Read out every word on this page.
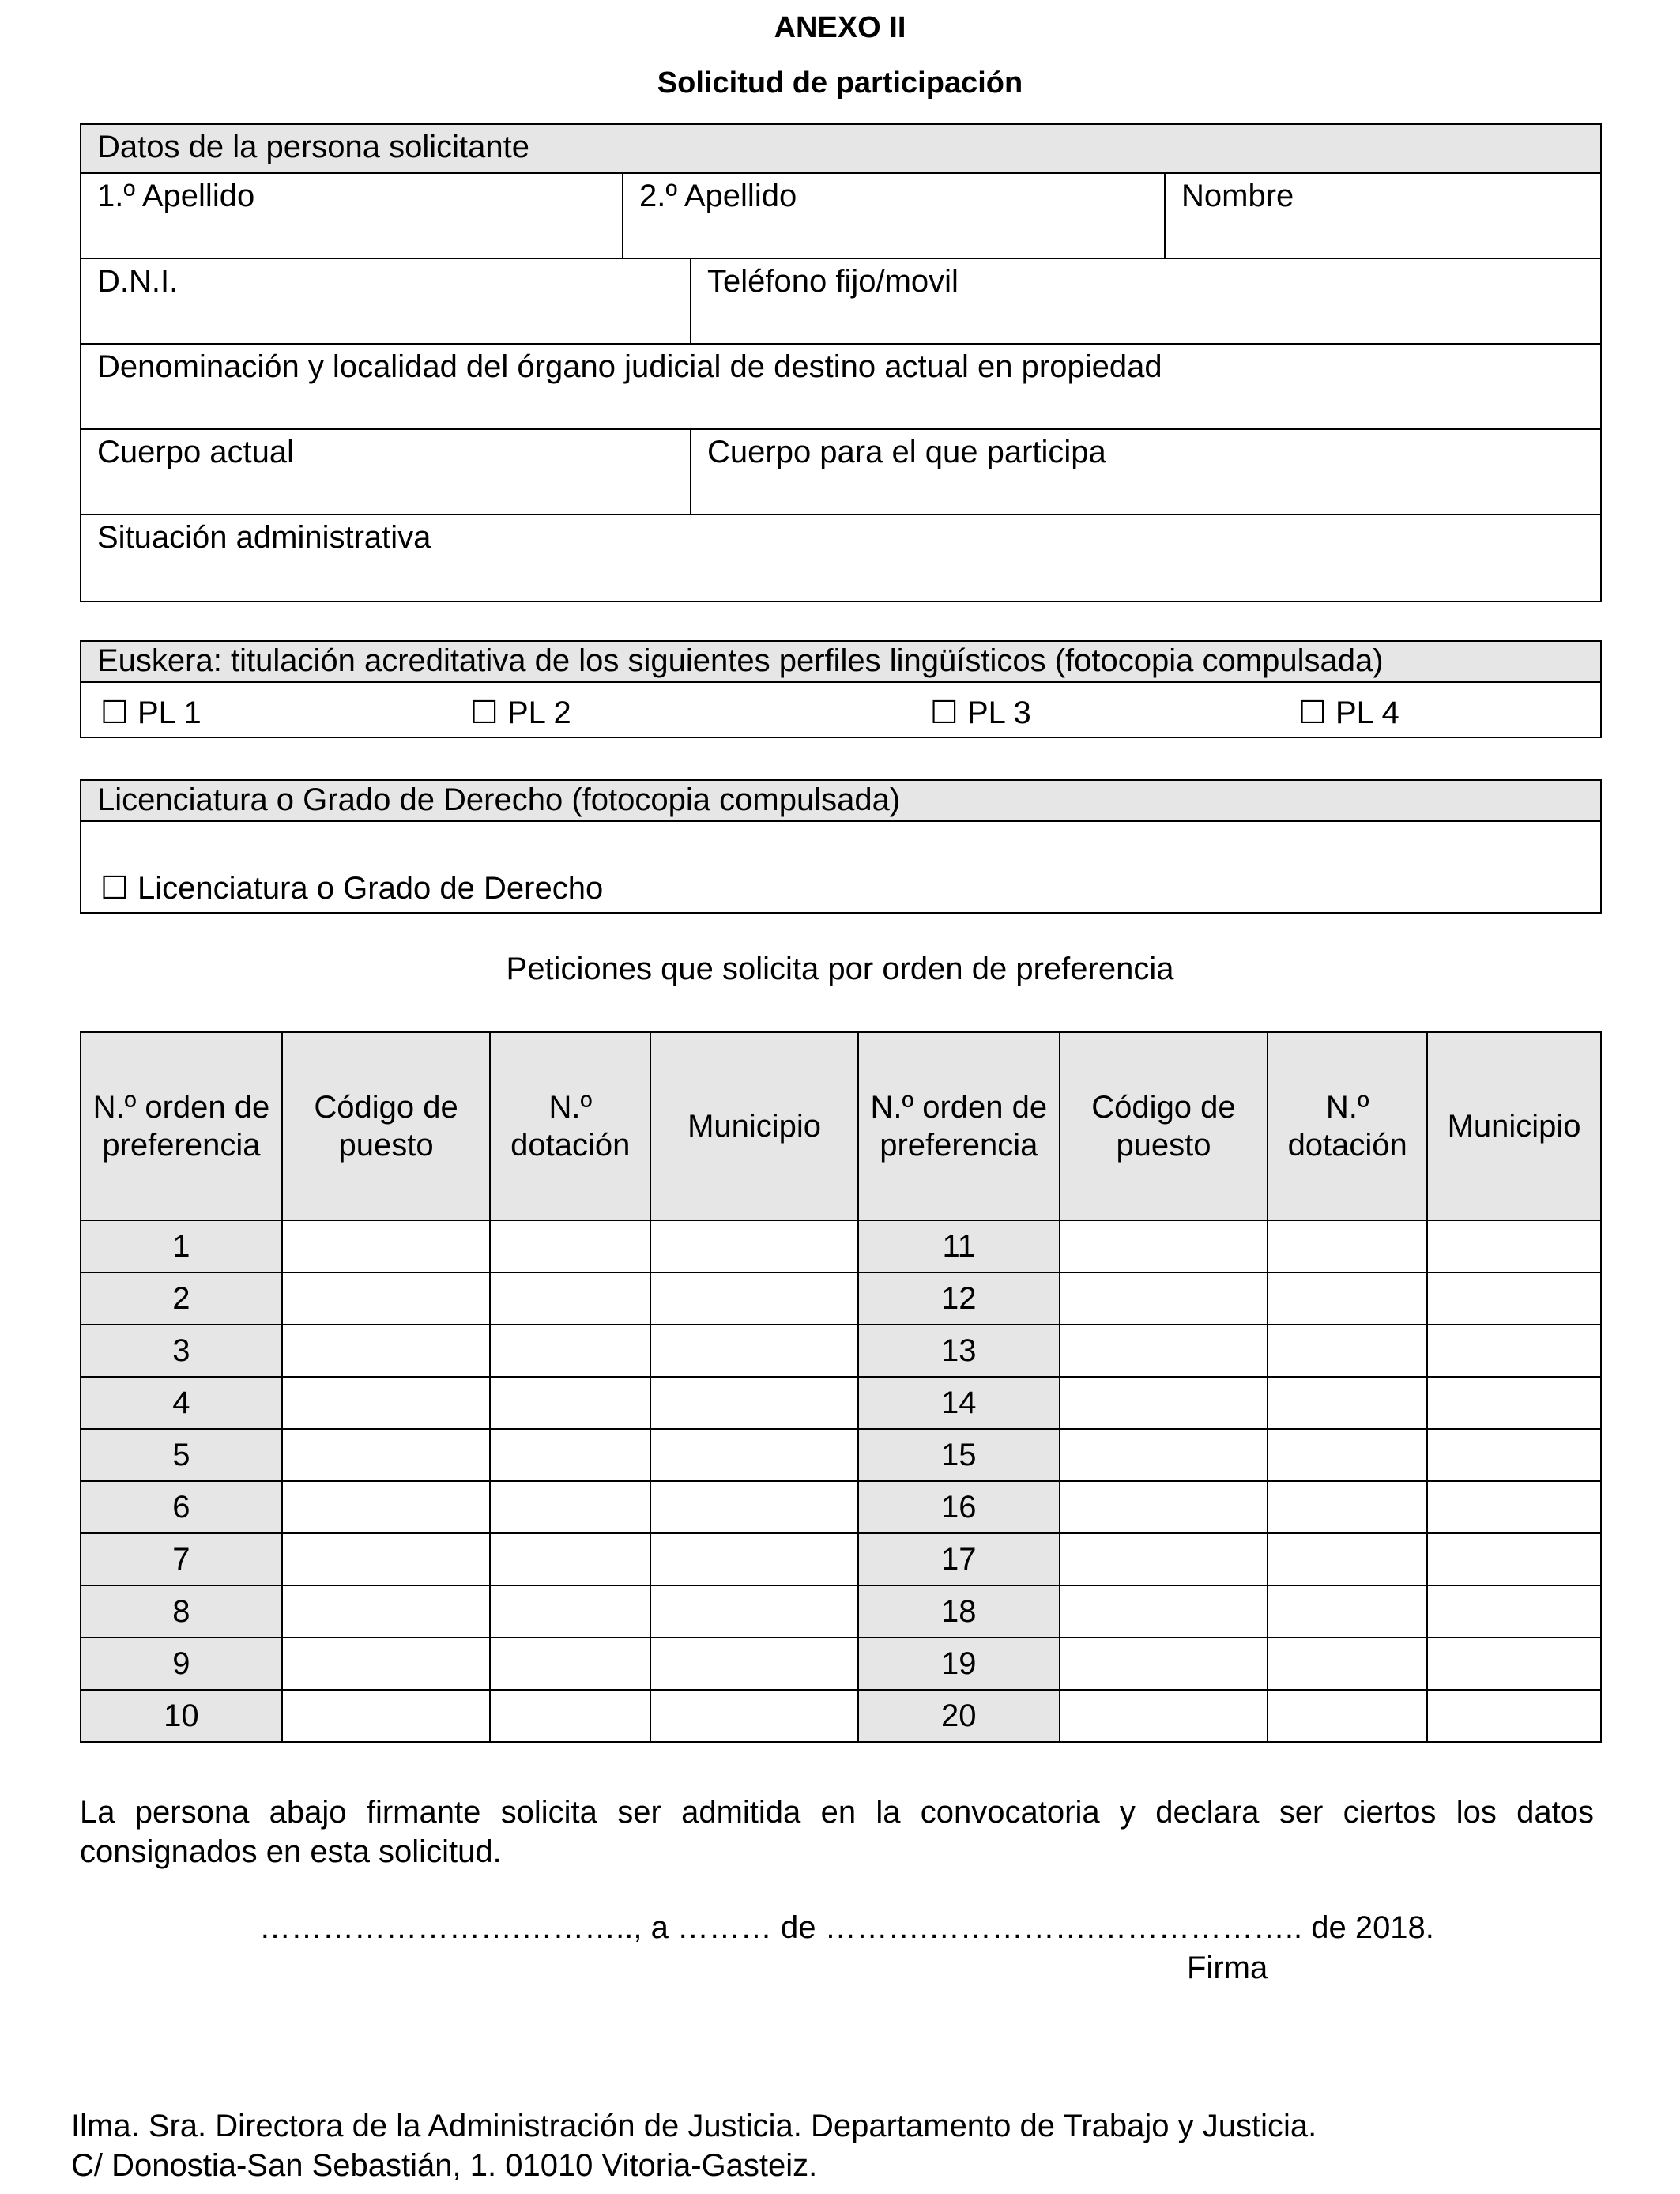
ANEXO II
Solicitud de participación
Datos de la persona solicitante
1.º Apellido	2.º Apellido	Nombre
D.N.I.	Teléfono fijo/movil
Denominación y localidad del órgano judicial de destino actual en propiedad
Cuerpo actual	Cuerpo para el que participa
Situación administrativa
Euskera: titulación acreditativa de los siguientes perfiles lingüísticos (fotocopia compulsada)
☐ PL 1	☐ PL 2	☐ PL 3	☐ PL 4
Licenciatura o Grado de Derecho (fotocopia compulsada)
☐ Licenciatura o Grado de Derecho
Peticiones que solicita por orden de preferencia
N.º orden de preferencia	Código de puesto	N.º dotación	Municipio	N.º orden de preferencia	Código de puesto	N.º dotación	Municipio
1				11			
2				12			
3				13			
4				14			
5				15			
6				16			
7				17			
8				18			
9				19			
10				20			
La persona abajo firmante solicita ser admitida en la convocatoria y declara ser ciertos los datos consignados en esta solicitud.
…………………….……….., a ……… de ……….…………….……………….. de 2018.
Firma
Ilma. Sra. Directora de la Administración de Justicia. Departamento de Trabajo y Justicia.
C/ Donostia-San Sebastián, 1. 01010 Vitoria-Gasteiz.
